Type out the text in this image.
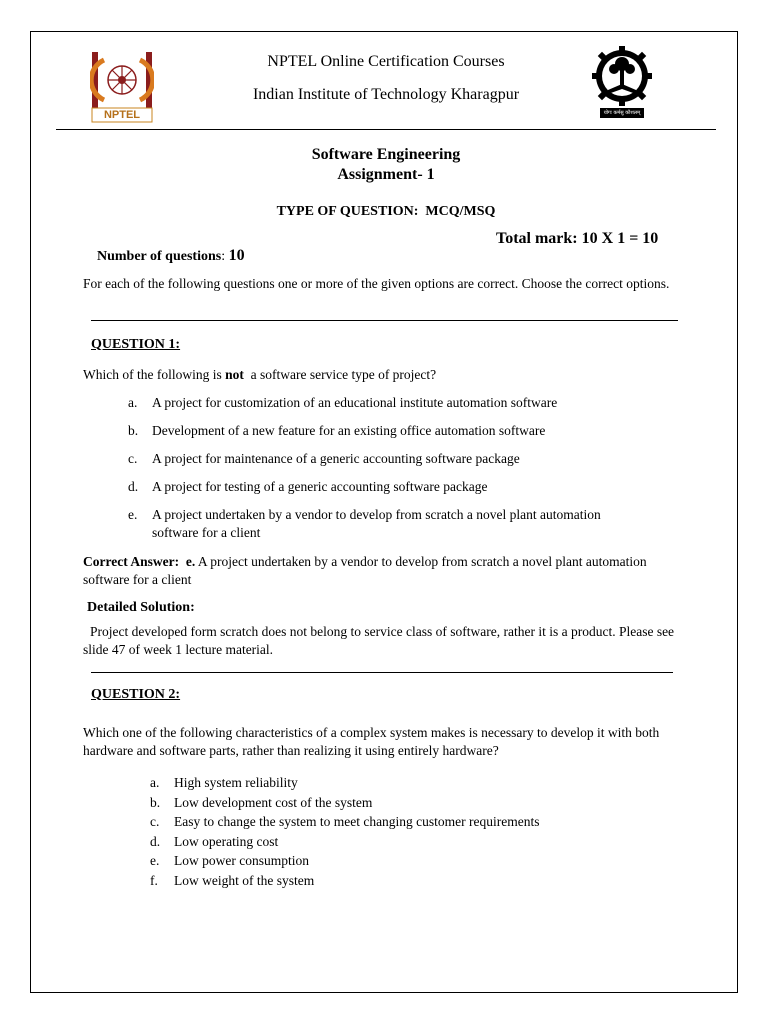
NPTEL
NPTEL Online Certification Courses
Indian Institute of Technology Kharagpur
योगः कर्मसु कौशलम्
Software Engineering
Assignment- 1
TYPE OF QUESTION:  MCQ/MSQ

Number of questions: 10

Total mark: 10 X 1 = 10
For each of the following questions one or more of the given options are correct. Choose the correct options.
QUESTION 1:
Which of the following is not  a software service type of project?
a. A project for customization of an educational institute automation software
b. Development of a new feature for an existing office automation software
c. A project for maintenance of a generic accounting software package
d. A project for testing of a generic accounting software package
e. A project undertaken by a vendor to develop from scratch a novel plant automation software for a client
Correct Answer:  e. A project undertaken by a vendor to develop from scratch a novel plant automation software for a client
Detailed Solution:
Project developed form scratch does not belong to service class of software, rather it is a product. Please see slide 47 of week 1 lecture material.
QUESTION 2:
Which one of the following characteristics of a complex system makes is necessary to develop it with both hardware and software parts, rather than realizing it using entirely hardware?
a. High system reliability
b. Low development cost of the system
c. Easy to change the system to meet changing customer requirements
d. Low operating cost
e. Low power consumption
f. Low weight of the system
